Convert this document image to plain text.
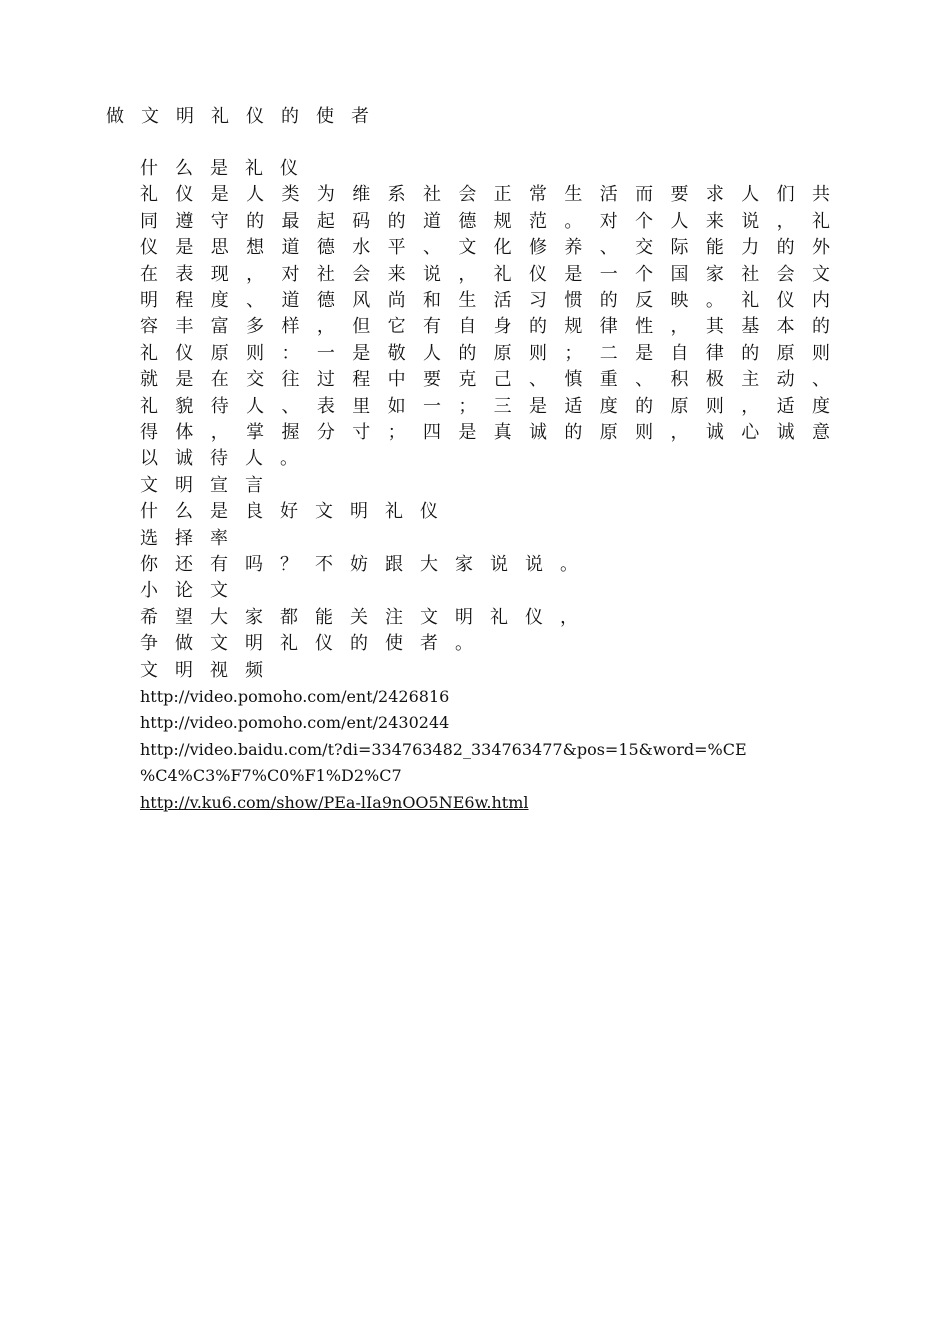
做文明礼仪的使者
什么是礼仪
礼仪是人类为维系社会正常生活而要求人们共同遵守的最起码的道德规范。对个人来说，礼仪是思想道德水平、文化修养、交际能力的外在表现，对社会来说，礼仪是一个国家社会文明程度、道德风尚和生活习惯的反映。礼仪内容丰富多样，但它有自身的规律性，其基本的礼仪原则：一是敬人的原则；二是自律的原则就是在交往过程中要克己、慎重、积极主动、礼貌待人、表里如一；三是适度的原则，适度得体，掌握分寸；四是真诚的原则，诚心诚意以诚待人。
文明宣言
什么是良好文明礼仪
选择率
你还有吗？不妨跟大家说说。
小论文
希望大家都能关注文明礼仪，
争做文明礼仪的使者。
文明视频
http://video.pomoho.com/ent/2426816
http://video.pomoho.com/ent/2430244
http://video.baidu.com/t?di=334763482_334763477&pos=15&word=%CE
%C4%C3%F7%C0%F1%D2%C7
http://v.ku6.com/show/PEa-lIa9nOO5NE6w.html
